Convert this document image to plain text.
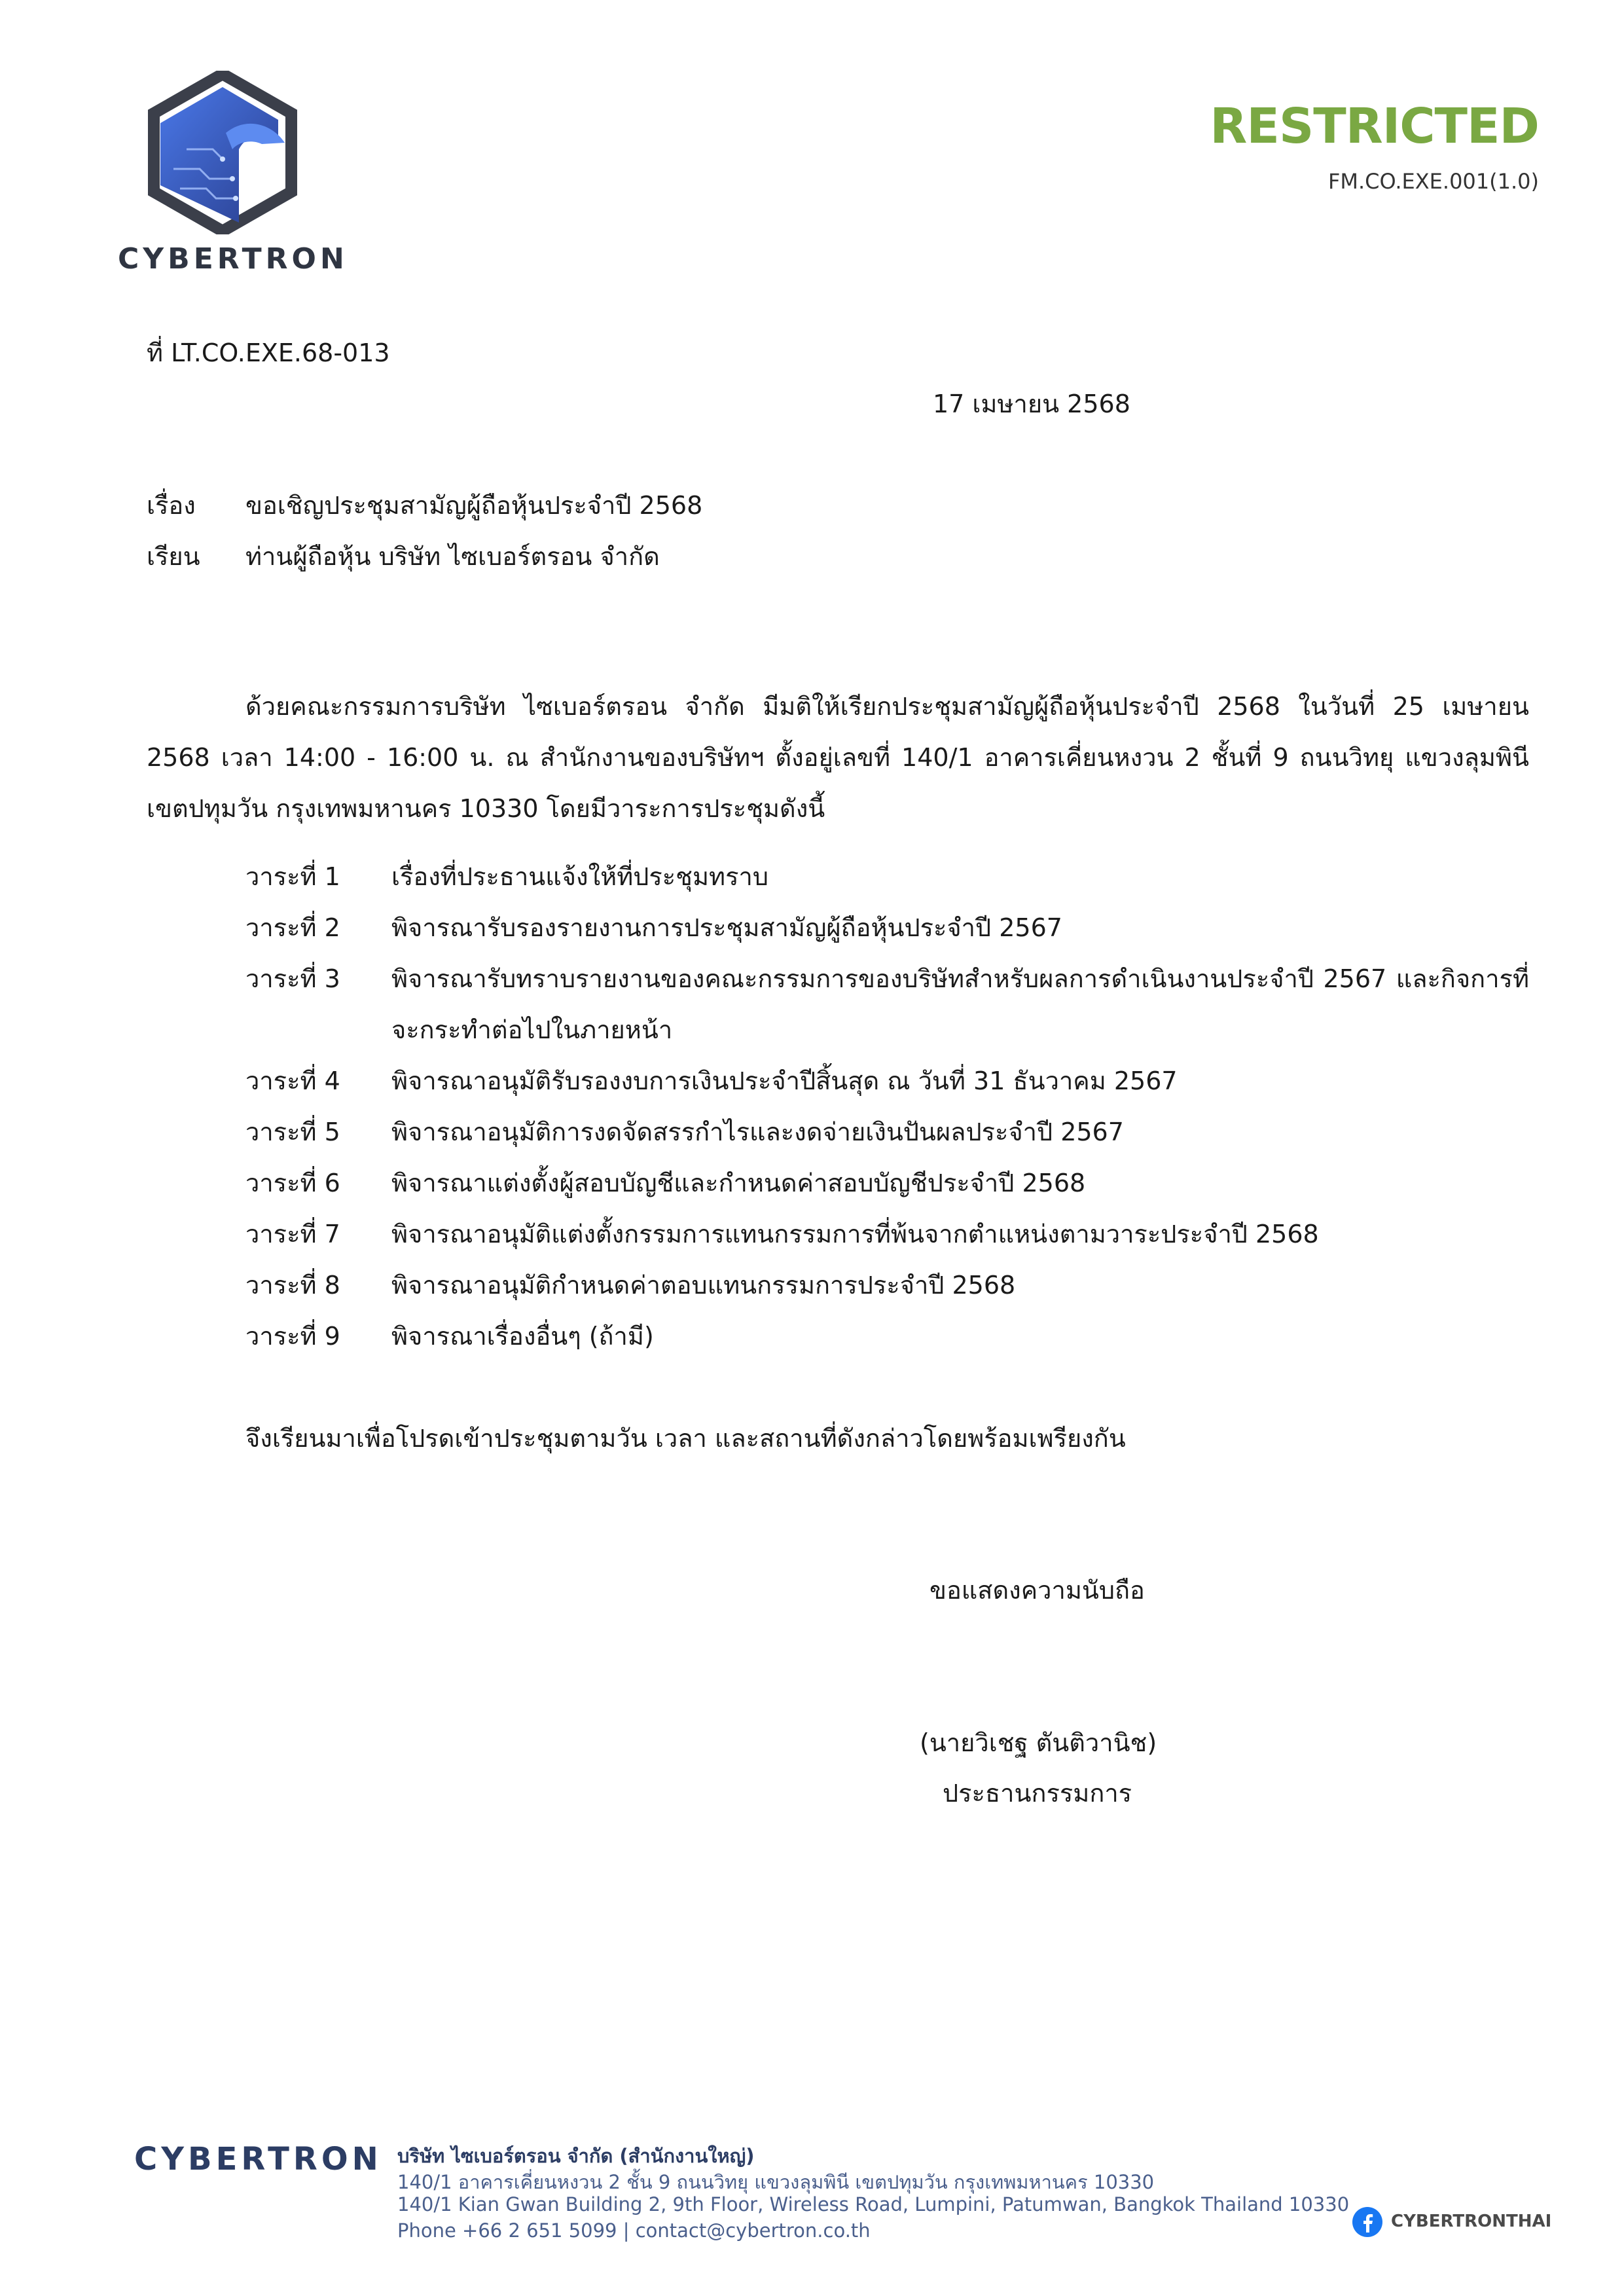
CYBERTRON
RESTRICTED
FM.CO.EXE.001(1.0)
ที่ LT.CO.EXE.68-013
17 เมษายน 2568
เรื่อง ขอเชิญประชุมสามัญผู้ถือหุ้นประจำปี 2568
เรียน ท่านผู้ถือหุ้น บริษัท ไซเบอร์ตรอน จำกัด
ด้วยคณะกรรมการบริษัท ไซเบอร์ตรอน จำกัด มีมติให้เรียกประชุมสามัญผู้ถือหุ้นประจำปี 2568 ในวันที่ 25 เมษายน 2568 เวลา 14:00 - 16:00 น. ณ สำนักงานของบริษัทฯ ตั้งอยู่เลขที่ 140/1 อาคารเคี่ยนหงวน 2 ชั้นที่ 9 ถนนวิทยุ แขวงลุมพินี เขตปทุมวัน กรุงเทพมหานคร 10330 โดยมีวาระการประชุมดังนี้
วาระที่ 1 เรื่องที่ประธานแจ้งให้ที่ประชุมทราบ
วาระที่ 2 พิจารณารับรองรายงานการประชุมสามัญผู้ถือหุ้นประจำปี 2567
วาระที่ 3 พิจารณารับทราบรายงานของคณะกรรมการของบริษัทสำหรับผลการดำเนินงานประจำปี 2567 และกิจการที่จะกระทำต่อไปในภายหน้า
วาระที่ 4 พิจารณาอนุมัติรับรองงบการเงินประจำปีสิ้นสุด ณ วันที่ 31 ธันวาคม 2567
วาระที่ 5 พิจารณาอนุมัติการงดจัดสรรกำไรและงดจ่ายเงินปันผลประจำปี 2567
วาระที่ 6 พิจารณาแต่งตั้งผู้สอบบัญชีและกำหนดค่าสอบบัญชีประจำปี 2568
วาระที่ 7 พิจารณาอนุมัติแต่งตั้งกรรมการแทนกรรมการที่พ้นจากตำแหน่งตามวาระประจำปี 2568
วาระที่ 8 พิจารณาอนุมัติกำหนดค่าตอบแทนกรรมการประจำปี 2568
วาระที่ 9 พิจารณาเรื่องอื่นๆ (ถ้ามี)
จึงเรียนมาเพื่อโปรดเข้าประชุมตามวัน เวลา และสถานที่ดังกล่าวโดยพร้อมเพรียงกัน
ขอแสดงความนับถือ
(นายวิเชฐ ตันติวานิช)
ประธานกรรมการ
CYBERTRON บริษัท ไซเบอร์ตรอน จำกัด (สำนักงานใหญ่)
140/1 อาคารเคี่ยนหงวน 2 ชั้น 9 ถนนวิทยุ แขวงลุมพินี เขตปทุมวัน กรุงเทพมหานคร 10330
140/1 Kian Gwan Building 2, 9th Floor, Wireless Road, Lumpini, Patumwan, Bangkok Thailand 10330
Phone +66 2 651 5099 | contact@cybertron.co.th	CYBERTRONTHAI
